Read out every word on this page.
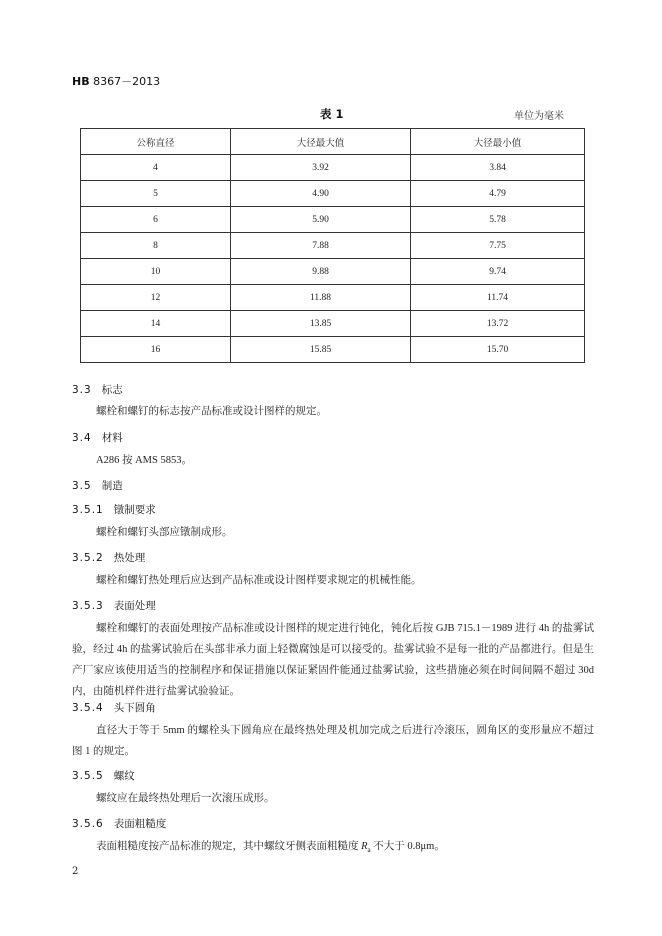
HB 8367－2013
表 1	单位为毫米
公称直径	大径最大值	大径最小值
4	3.92	3.84
5	4.90	4.79
6	5.90	5.78
8	7.88	7.75
10	9.88	9.74
12	11.88	11.74
14	13.85	13.72
16	15.85	15.70
3.3 标志

螺栓和螺钉的标志按产品标准或设计图样的规定。

3.4 材料

A286 按 AMS 5853。

3.5 制造
3.5.1 镦制要求

螺栓和螺钉头部应镦制成形。

3.5.2 热处理

螺栓和螺钉热处理后应达到产品标准或设计图样要求规定的机械性能。

3.5.3 表面处理

螺栓和螺钉的表面处理按产品标准或设计图样的规定进行钝化，钝化后按 GJB 715.1－1989 进行 4h 的盐雾试验，经过 4h 的盐雾试验后在头部非承力面上轻微腐蚀是可以接受的。盐雾试验不是每一批的产品都进行。但是生产厂家应该使用适当的控制程序和保证措施以保证紧固件能通过盐雾试验，这些措施必须在时间间隔不超过 30d 内，由随机样件进行盐雾试验验证。

3.5.4 头下圆角

直径大于等于 5mm 的螺栓头下圆角应在最终热处理及机加完成之后进行冷滚压，圆角区的变形量应不超过图 1 的规定。

3.5.5 螺纹

螺纹应在最终热处理后一次滚压成形。

3.5.6 表面粗糙度

表面粗糙度按产品标准的规定，其中螺纹牙侧表面粗糙度 $R_a$ 不大于 0.8μm。

2
